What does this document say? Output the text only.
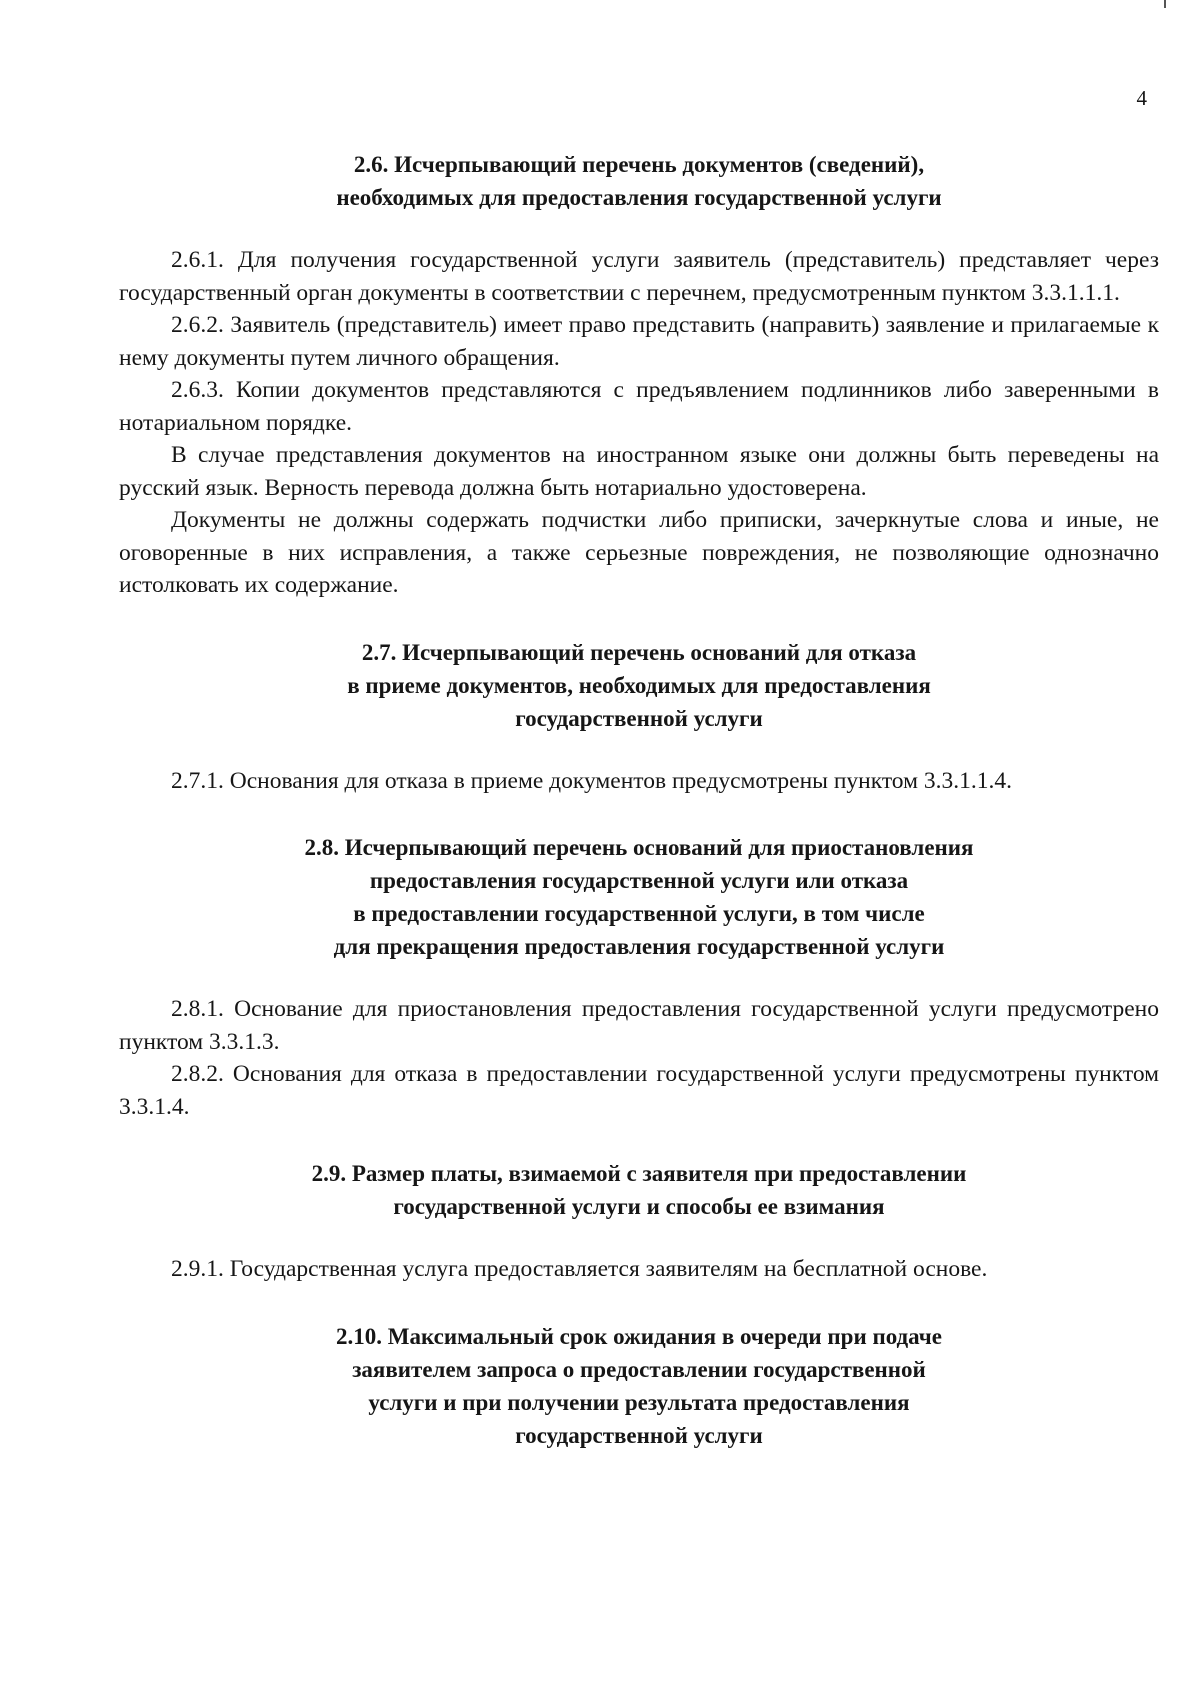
4
2.6. Исчерпывающий перечень документов (сведений),
необходимых для предоставления государственной услуги

2.6.1. Для получения государственной услуги заявитель (представитель) представляет через государственный орган документы в соответствии с перечнем, предусмотренным пунктом 3.3.1.1.1.

2.6.2. Заявитель (представитель) имеет право представить (направить) заявление и прилагаемые к нему документы путем личного обращения.

2.6.3. Копии документов представляются с предъявлением подлинников либо заверенными в нотариальном порядке.

В случае представления документов на иностранном языке они должны быть переведены на русский язык. Верность перевода должна быть нотариально удостоверена.

Документы не должны содержать подчистки либо приписки, зачеркнутые слова и иные, не оговоренные в них исправления, а также серьезные повреждения, не позволяющие однозначно истолковать их содержание.

2.7. Исчерпывающий перечень оснований для отказа
в приеме документов, необходимых для предоставления
государственной услуги

2.7.1. Основания для отказа в приеме документов предусмотрены пунктом 3.3.1.1.4.

2.8. Исчерпывающий перечень оснований для приостановления
предоставления государственной услуги или отказа
в предоставлении государственной услуги, в том числе
для прекращения предоставления государственной услуги

2.8.1. Основание для приостановления предоставления государственной услуги предусмотрено пунктом 3.3.1.3.

2.8.2. Основания для отказа в предоставлении государственной услуги предусмотрены пунктом 3.3.1.4.

2.9. Размер платы, взимаемой с заявителя при предоставлении
государственной услуги и способы ее взимания

2.9.1. Государственная услуга предоставляется заявителям на бесплатной основе.

2.10. Максимальный срок ожидания в очереди при подаче
заявителем запроса о предоставлении государственной
услуги и при получении результата предоставления
государственной услуги
